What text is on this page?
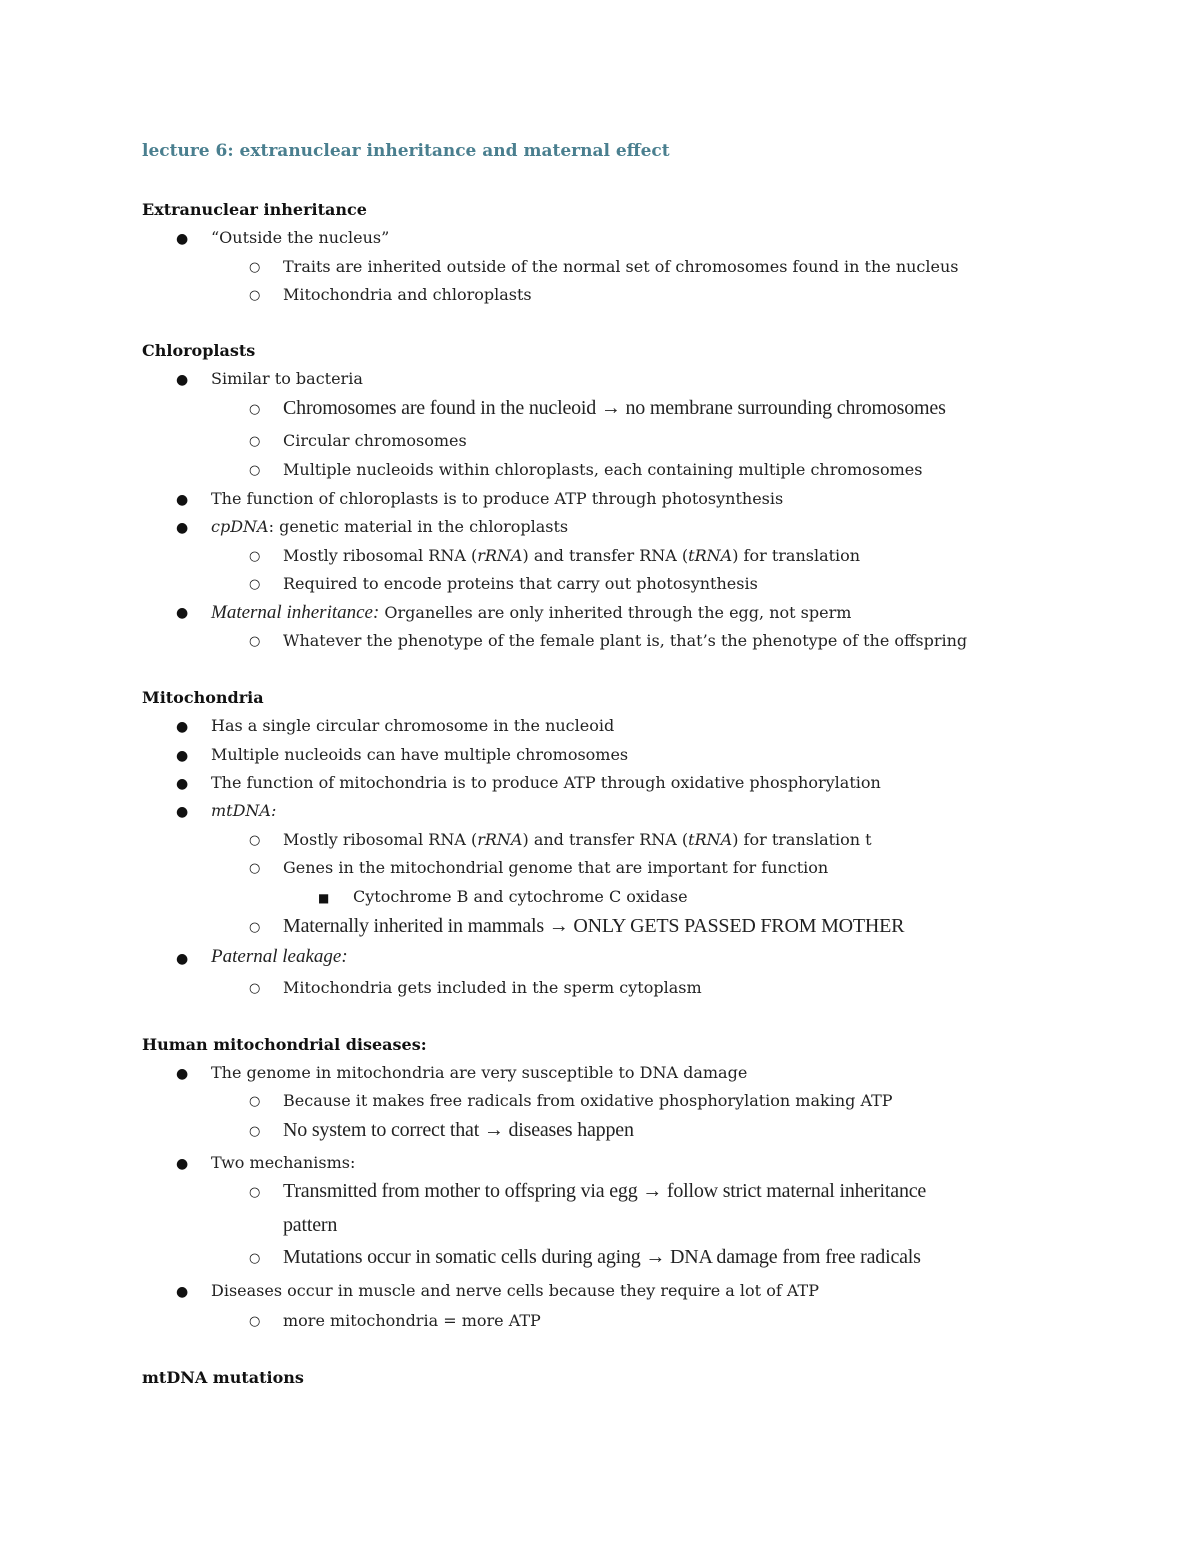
lecture 6: extranuclear inheritance and maternal effect
Extranuclear inheritance
● “Outside the nucleus”
○ Traits are inherited outside of the normal set of chromosomes found in the nucleus
○ Mitochondria and chloroplasts
Chloroplasts
● Similar to bacteria
○ Chromosomes are found in the nucleoid → no membrane surrounding chromosomes
○ Circular chromosomes
○ Multiple nucleoids within chloroplasts, each containing multiple chromosomes
● The function of chloroplasts is to produce ATP through photosynthesis
● cpDNA: genetic material in the chloroplasts
○ Mostly ribosomal RNA (rRNA) and transfer RNA (tRNA) for translation
○ Required to encode proteins that carry out photosynthesis
● Maternal inheritance: Organelles are only inherited through the egg, not sperm
○ Whatever the phenotype of the female plant is, that’s the phenotype of the offspring
Mitochondria
● Has a single circular chromosome in the nucleoid
● Multiple nucleoids can have multiple chromosomes
● The function of mitochondria is to produce ATP through oxidative phosphorylation
● mtDNA:
○ Mostly ribosomal RNA (rRNA) and transfer RNA (tRNA) for translation t
○ Genes in the mitochondrial genome that are important for function
■ Cytochrome B and cytochrome C oxidase
○ Maternally inherited in mammals → ONLY GETS PASSED FROM MOTHER
● Paternal leakage:
○ Mitochondria gets included in the sperm cytoplasm
Human mitochondrial diseases:
● The genome in mitochondria are very susceptible to DNA damage
○ Because it makes free radicals from oxidative phosphorylation making ATP
○ No system to correct that → diseases happen
● Two mechanisms:
○ Transmitted from mother to offspring via egg → follow strict maternal inheritance
pattern
○ Mutations occur in somatic cells during aging → DNA damage from free radicals
● Diseases occur in muscle and nerve cells because they require a lot of ATP
○ more mitochondria = more ATP
mtDNA mutations
